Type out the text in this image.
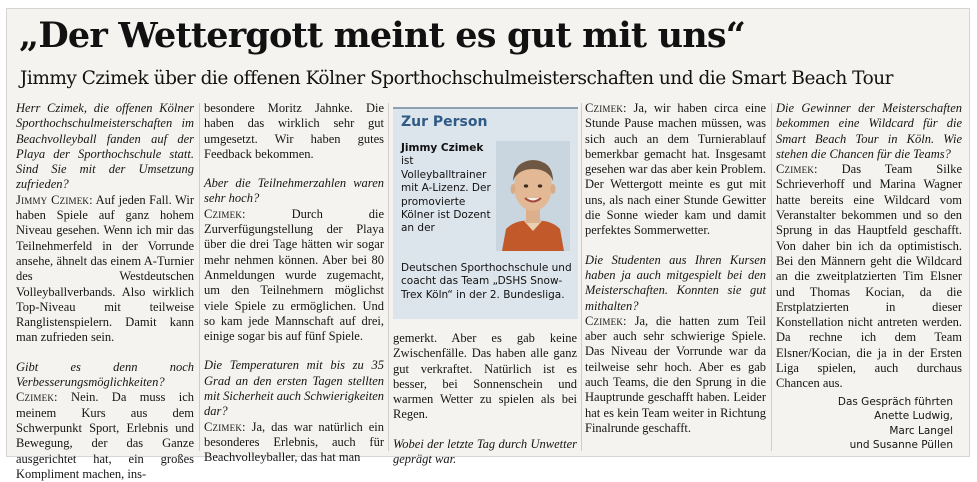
„Der Wettergott meint es gut mit uns“
Jimmy Czimek über die offenen Kölner Sporthochschulmeisterschaften und die Smart Beach Tour

Herr Czimek, die offenen Kölner Sporthochschulmeisterschaften im Beachvolleyball fanden auf der Playa der Sporthochschule statt. Sind Sie mit der Umsetzung zufrieden?

Jimmy Czimek: Auf jeden Fall. Wir haben Spiele auf ganz hohem Niveau gesehen. Wenn ich mir das Teilnehmerfeld in der Vorrunde ansehe, ähnelt das einem A-Turnier des Westdeutschen Volleyballverbands. Also wirklich Top-Niveau mit teilweise Ranglistenspielern. Damit kann man zufrieden sein.

Gibt es denn noch Verbesserungsmöglichkeiten?

Czimek: Nein. Da muss ich meinem Kurs aus dem Schwerpunkt Sport, Erlebnis und Bewegung, der das Ganze ausgerichtet hat, ein großes Kompliment machen, ins-

besondere Moritz Jahnke. Die haben das wirklich sehr gut umgesetzt. Wir haben gutes Feedback bekommen.

Aber die Teilnehmerzahlen waren sehr hoch?

Czimek: Durch die Zurverfügungstellung der Playa über die drei Tage hätten wir sogar mehr nehmen können. Aber bei 80 Anmeldungen wurde zugemacht, um den Teilnehmern möglichst viele Spiele zu ermöglichen. Und so kam jede Mannschaft auf drei, einige sogar bis auf fünf Spiele.

Die Temperaturen mit bis zu 35 Grad an den ersten Tagen stellten mit Sicherheit auch Schwierigkeiten dar?

Czimek: Ja, das war natürlich ein besonderes Erlebnis, auch für Beachvolleyballer, das hat man

Zur Person
Jimmy Czimek ist Volleyballtrainer mit A-Lizenz. Der promovierte Kölner ist Dozent an der
Deutschen Sporthochschule und coacht das Team „DSHS Snow-Trex Köln“ in der 2. Bundesliga.

gemerkt. Aber es gab keine Zwischenfälle. Das haben alle ganz gut verkraftet. Natürlich ist es besser, bei Sonnenschein und warmen Wetter zu spielen als bei Regen.

Wobei der letzte Tag durch Unwetter geprägt war.

Czimek: Ja, wir haben circa eine Stunde Pause machen müssen, was sich auch an dem Turnierablauf bemerkbar gemacht hat. Insgesamt gesehen war das aber kein Problem. Der Wettergott meinte es gut mit uns, als nach einer Stunde Gewitter die Sonne wieder kam und damit perfektes Sommerwetter.

Die Studenten aus Ihren Kursen haben ja auch mitgespielt bei den Meisterschaften. Konnten sie gut mithalten?

Czimek: Ja, die hatten zum Teil aber auch sehr schwierige Spiele. Das Niveau der Vorrunde war da teilweise sehr hoch. Aber es gab auch Teams, die den Sprung in die Hauptrunde geschafft haben. Leider hat es kein Team weiter in Richtung Finalrunde geschafft.

Die Gewinner der Meisterschaften bekommen eine Wildcard für die Smart Beach Tour in Köln. Wie stehen die Chancen für die Teams?

Czimek: Das Team Silke Schrieverhoff und Marina Wagner hatte bereits eine Wildcard vom Veranstalter bekommen und so den Sprung in das Hauptfeld geschafft. Von daher bin ich da optimistisch. Bei den Männern geht die Wildcard an die zweitplatzierten Tim Elsner und Thomas Kocian, da die Erstplatzierten in dieser Konstellation nicht antreten werden. Da rechne ich dem Team Elsner/Kocian, die ja in der Ersten Liga spielen, auch durchaus Chancen aus.

Das Gespräch führten
Anette Ludwig,
Marc Langel
und Susanne Püllen
